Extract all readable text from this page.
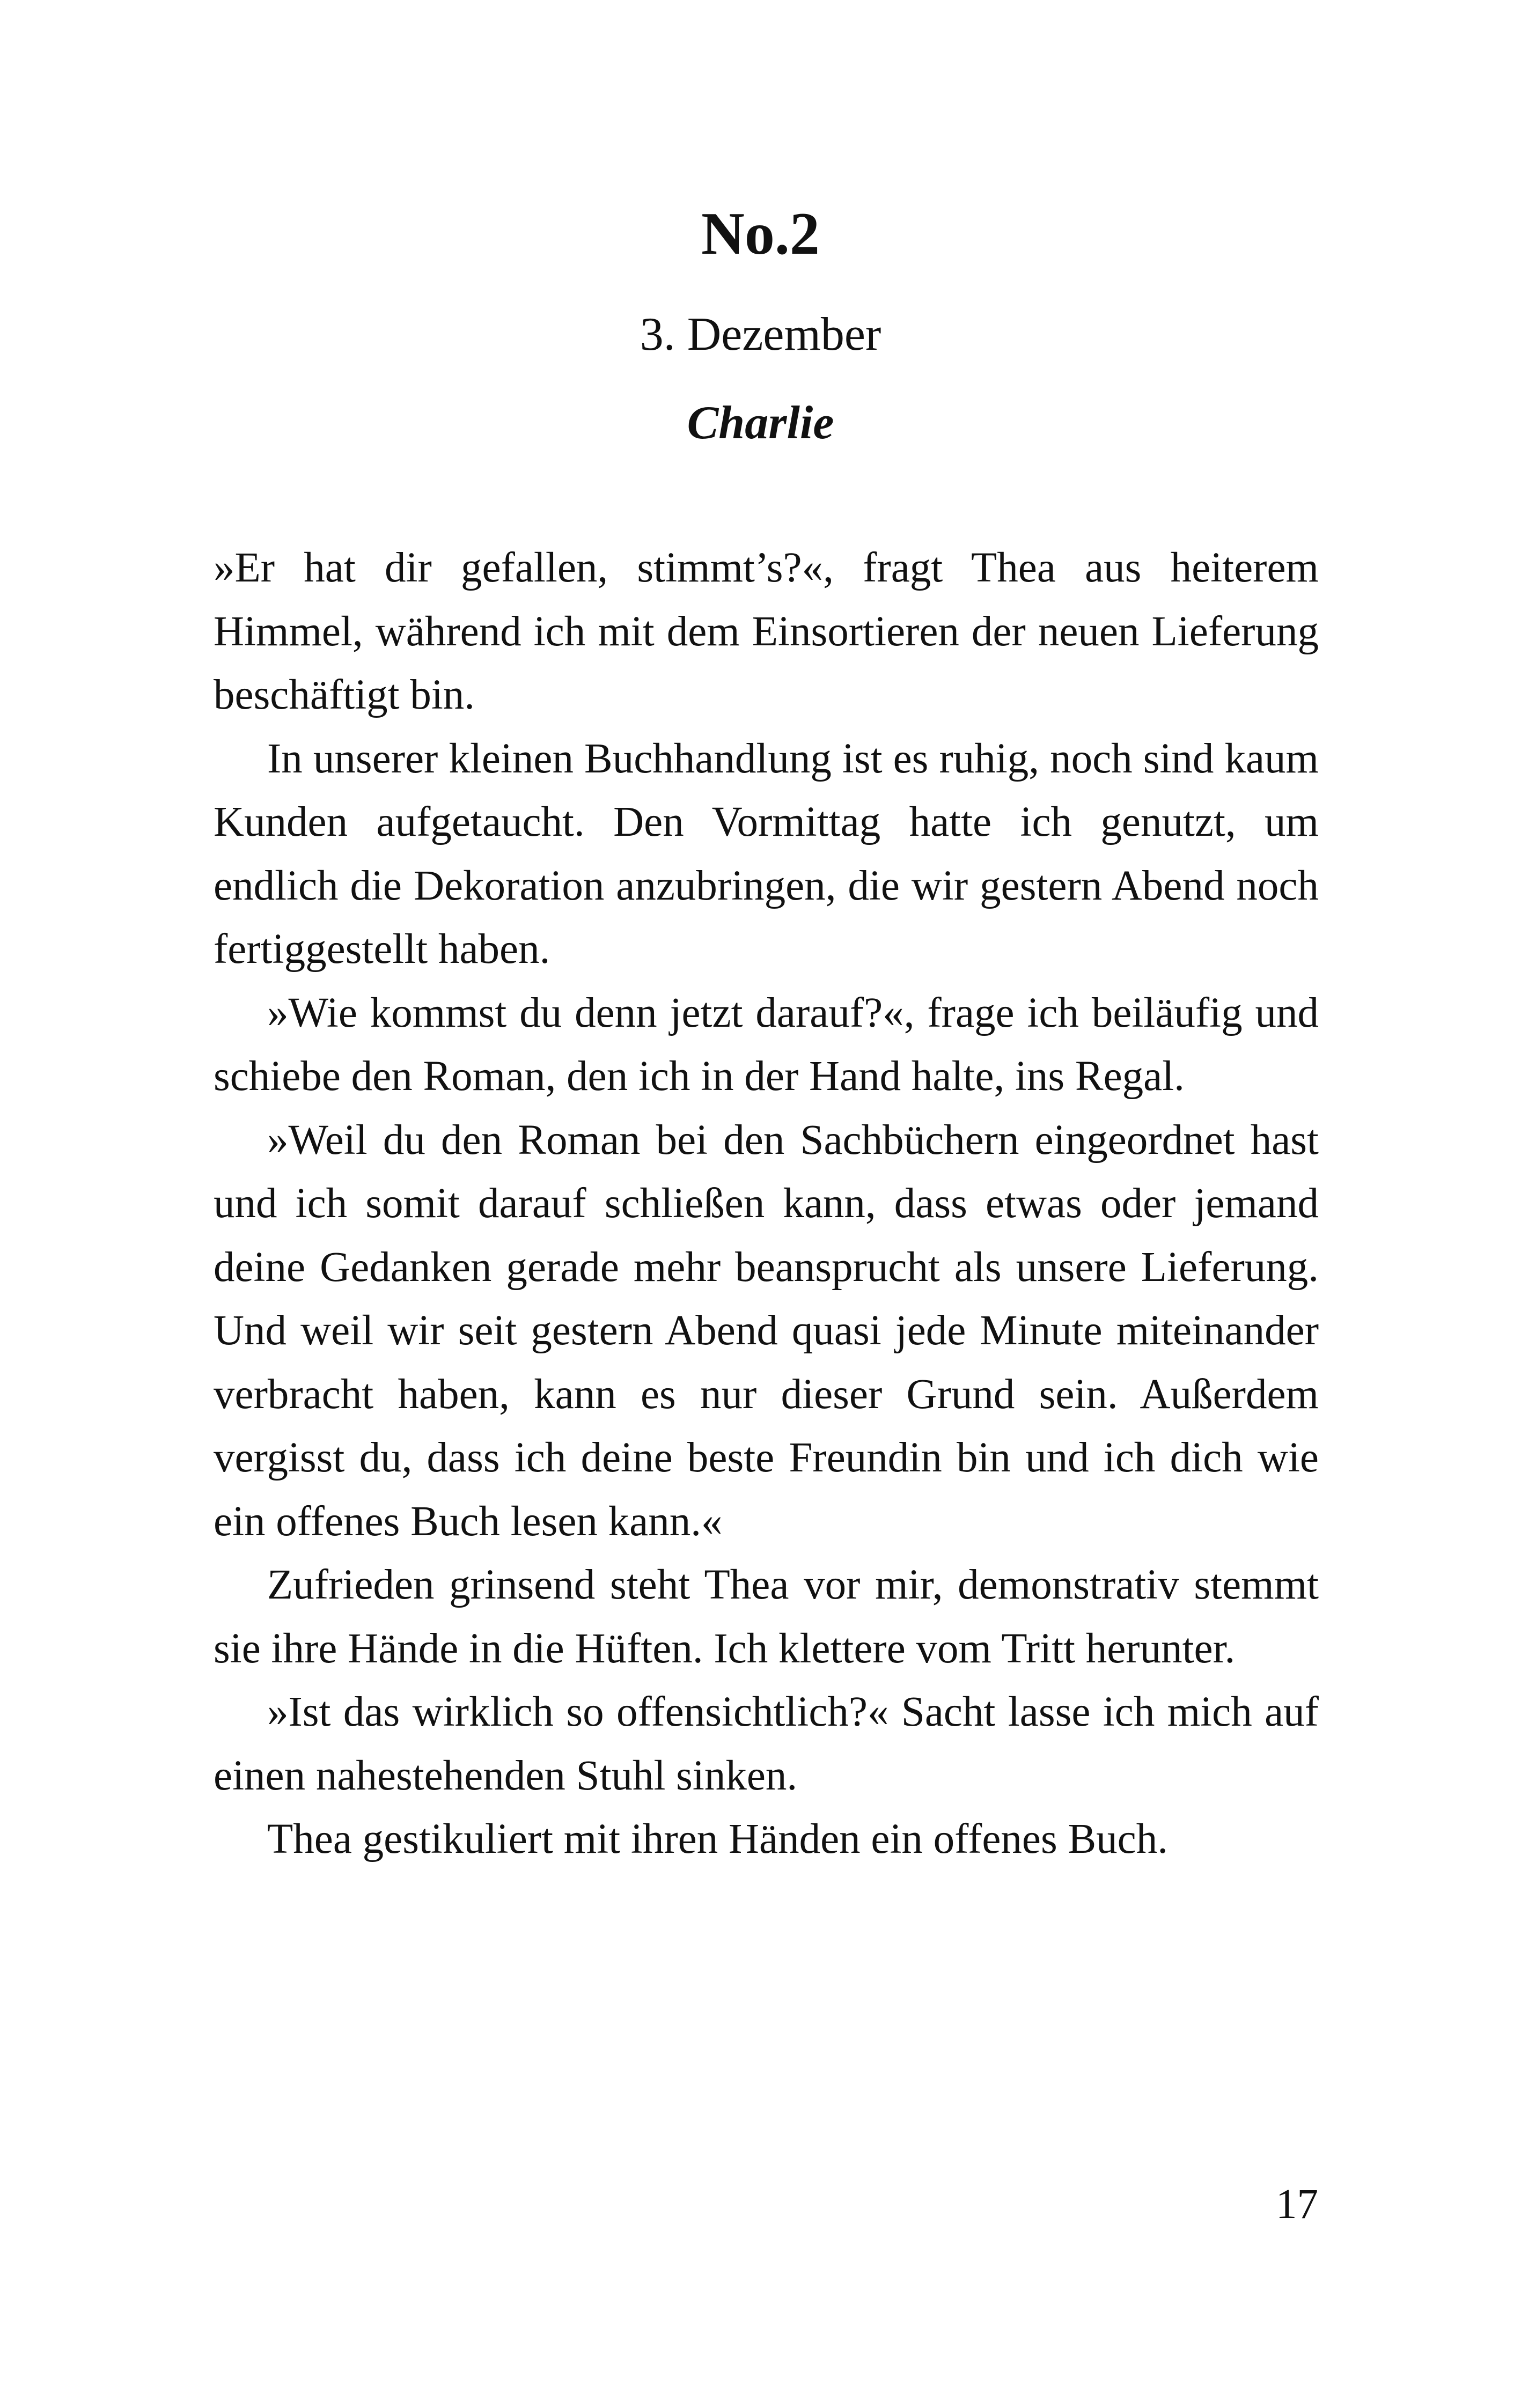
No.2
3. Dezember
Charlie

»Er hat dir gefallen, stimmt’s?«, fragt Thea aus heiterem Himmel, während ich mit dem Einsortieren der neuen Lieferung beschäftigt bin.

In unserer kleinen Buchhandlung ist es ruhig, noch sind kaum Kunden aufgetaucht. Den Vormittag hatte ich genutzt, um endlich die Dekoration anzubringen, die wir gestern Abend noch fertiggestellt haben.

»Wie kommst du denn jetzt darauf?«, frage ich beiläufig und schiebe den Roman, den ich in der Hand halte, ins Regal.

»Weil du den Roman bei den Sachbüchern eingeordnet hast und ich somit darauf schließen kann, dass etwas oder jemand deine Gedanken gerade mehr beansprucht als unsere Lieferung. Und weil wir seit gestern Abend quasi jede Minute miteinander verbracht haben, kann es nur dieser Grund sein. Außerdem vergisst du, dass ich deine beste Freundin bin und ich dich wie ein offenes Buch lesen kann.«

Zufrieden grinsend steht Thea vor mir, demonstrativ stemmt sie ihre Hände in die Hüften. Ich klettere vom Tritt herunter.

»Ist das wirklich so offensichtlich?« Sacht lasse ich mich auf einen nahestehenden Stuhl sinken.

Thea gestikuliert mit ihren Händen ein offenes Buch.

17
